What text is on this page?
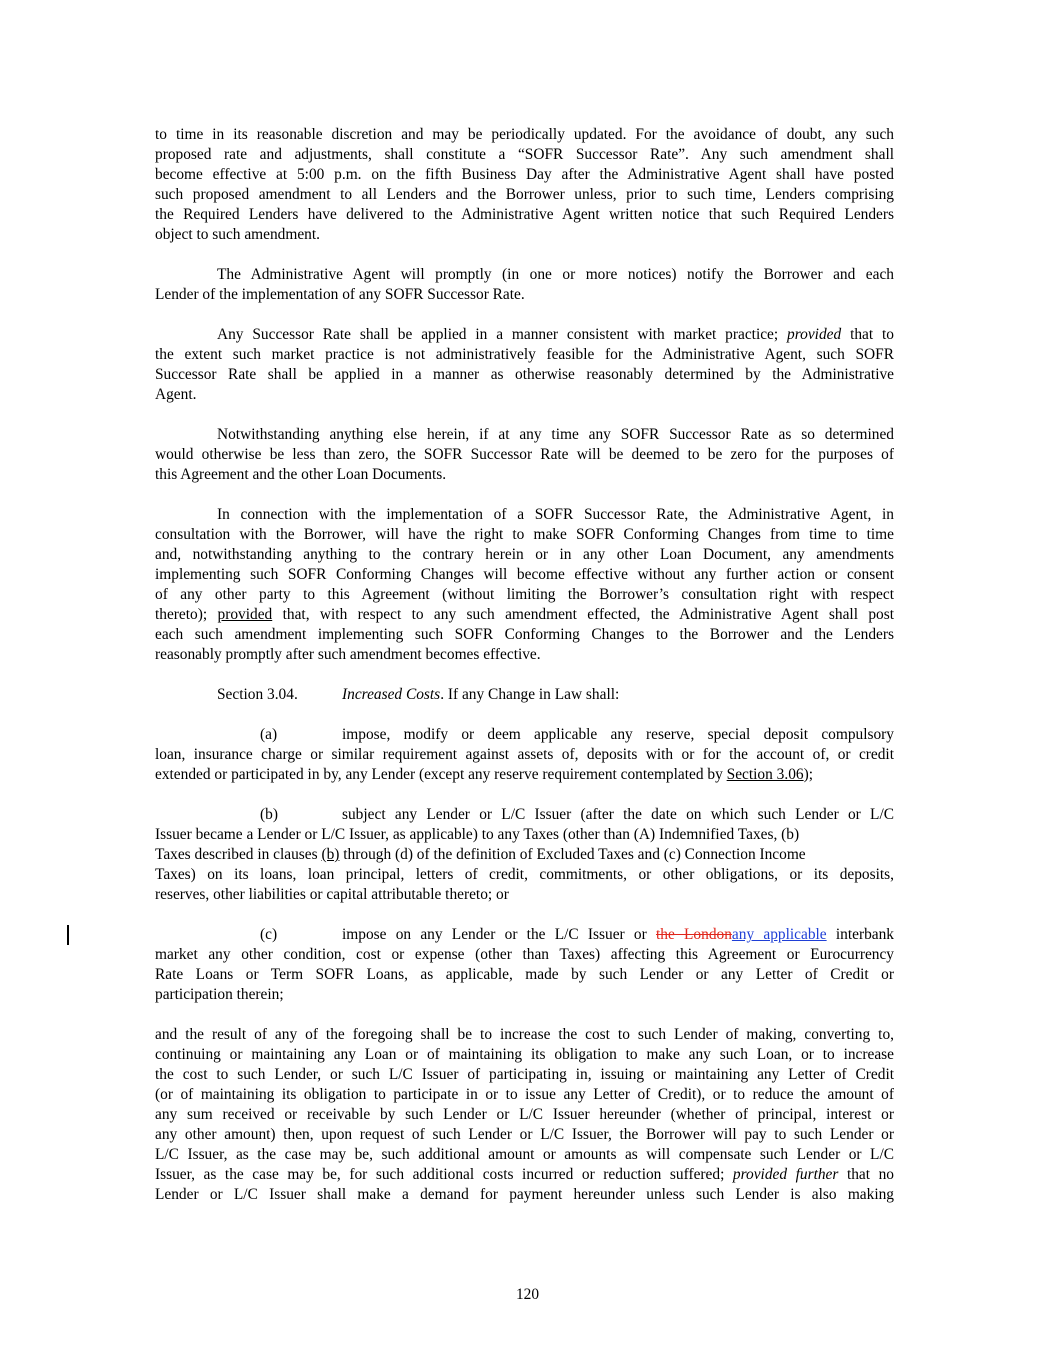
to time in its reasonable discretion and may be periodically updated. For the avoidance of doubt, any such
proposed rate and adjustments, shall constitute a “SOFR Successor Rate”. Any such amendment shall
become effective at 5:00 p.m. on the fifth Business Day after the Administrative Agent shall have posted
such proposed amendment to all Lenders and the Borrower unless, prior to such time, Lenders comprising
the Required Lenders have delivered to the Administrative Agent written notice that such Required Lenders
object to such amendment.
The Administrative Agent will promptly (in one or more notices) notify the Borrower and each
Lender of the implementation of any SOFR Successor Rate.
Any Successor Rate shall be applied in a manner consistent with market practice; provided that to
the extent such market practice is not administratively feasible for the Administrative Agent, such SOFR
Successor Rate shall be applied in a manner as otherwise reasonably determined by the Administrative
Agent.
Notwithstanding anything else herein, if at any time any SOFR Successor Rate as so determined
would otherwise be less than zero, the SOFR Successor Rate will be deemed to be zero for the purposes of
this Agreement and the other Loan Documents.
In connection with the implementation of a SOFR Successor Rate, the Administrative Agent, in
consultation with the Borrower, will have the right to make SOFR Conforming Changes from time to time
and, notwithstanding anything to the contrary herein or in any other Loan Document, any amendments
implementing such SOFR Conforming Changes will become effective without any further action or consent
of any other party to this Agreement (without limiting the Borrower’s consultation right with respect
thereto); provided that, with respect to any such amendment effected, the Administrative Agent shall post
each such amendment implementing such SOFR Conforming Changes to the Borrower and the Lenders
reasonably promptly after such amendment becomes effective.
Section 3.04.	Increased Costs. If any Change in Law shall:
(a)	impose, modify or deem applicable any reserve, special deposit compulsory
loan, insurance charge or similar requirement against assets of, deposits with or for the account of, or credit
extended or participated in by, any Lender (except any reserve requirement contemplated by Section 3.06);
(b)	subject any Lender or L/C Issuer (after the date on which such Lender or L/C
Issuer became a Lender or L/C Issuer, as applicable) to any Taxes (other than (A) Indemnified Taxes, (b)
Taxes described in clauses (b) through (d) of the definition of Excluded Taxes and (c) Connection Income
Taxes) on its loans, loan principal, letters of credit, commitments, or other obligations, or its deposits,
reserves, other liabilities or capital attributable thereto; or
(c)	impose on any Lender or the L/C Issuer or the Londonany applicable interbank
market any other condition, cost or expense (other than Taxes) affecting this Agreement or Eurocurrency
Rate Loans or Term SOFR Loans, as applicable, made by such Lender or any Letter of Credit or
participation therein;
and the result of any of the foregoing shall be to increase the cost to such Lender of making, converting to,
continuing or maintaining any Loan or of maintaining its obligation to make any such Loan, or to increase
the cost to such Lender, or such L/C Issuer of participating in, issuing or maintaining any Letter of Credit
(or of maintaining its obligation to participate in or to issue any Letter of Credit), or to reduce the amount of
any sum received or receivable by such Lender or L/C Issuer hereunder (whether of principal, interest or
any other amount) then, upon request of such Lender or L/C Issuer, the Borrower will pay to such Lender or
L/C Issuer, as the case may be, such additional amount or amounts as will compensate such Lender or L/C
Issuer, as the case may be, for such additional costs incurred or reduction suffered; provided further that no
Lender or L/C Issuer shall make a demand for payment hereunder unless such Lender is also making
120
